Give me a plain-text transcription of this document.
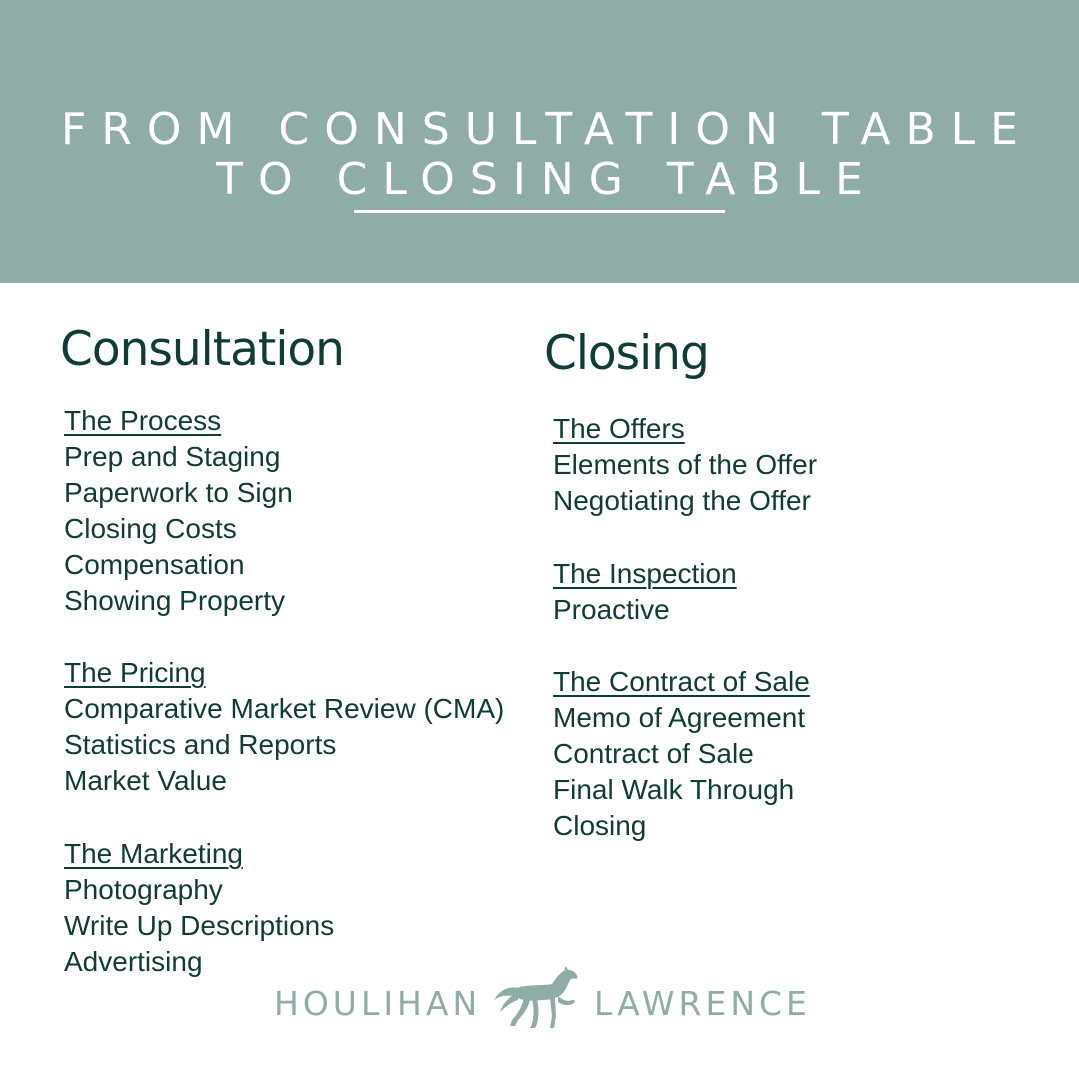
FROM CONSULTATION TABLE
TO CLOSING TABLE
Consultation	Closing
The Process
Prep and Staging
Paperwork to Sign
Closing Costs
Compensation
Showing Property
The Pricing
Comparative Market Review (CMA)
Statistics and Reports
Market Value
The Marketing
Photography
Write Up Descriptions
Advertising
The Offers
Elements of the Offer
Negotiating the Offer
The Inspection
Proactive
The Contract of Sale
Memo of Agreement
Contract of Sale
Final Walk Through
Closing
HOULIHAN	LAWRENCE
